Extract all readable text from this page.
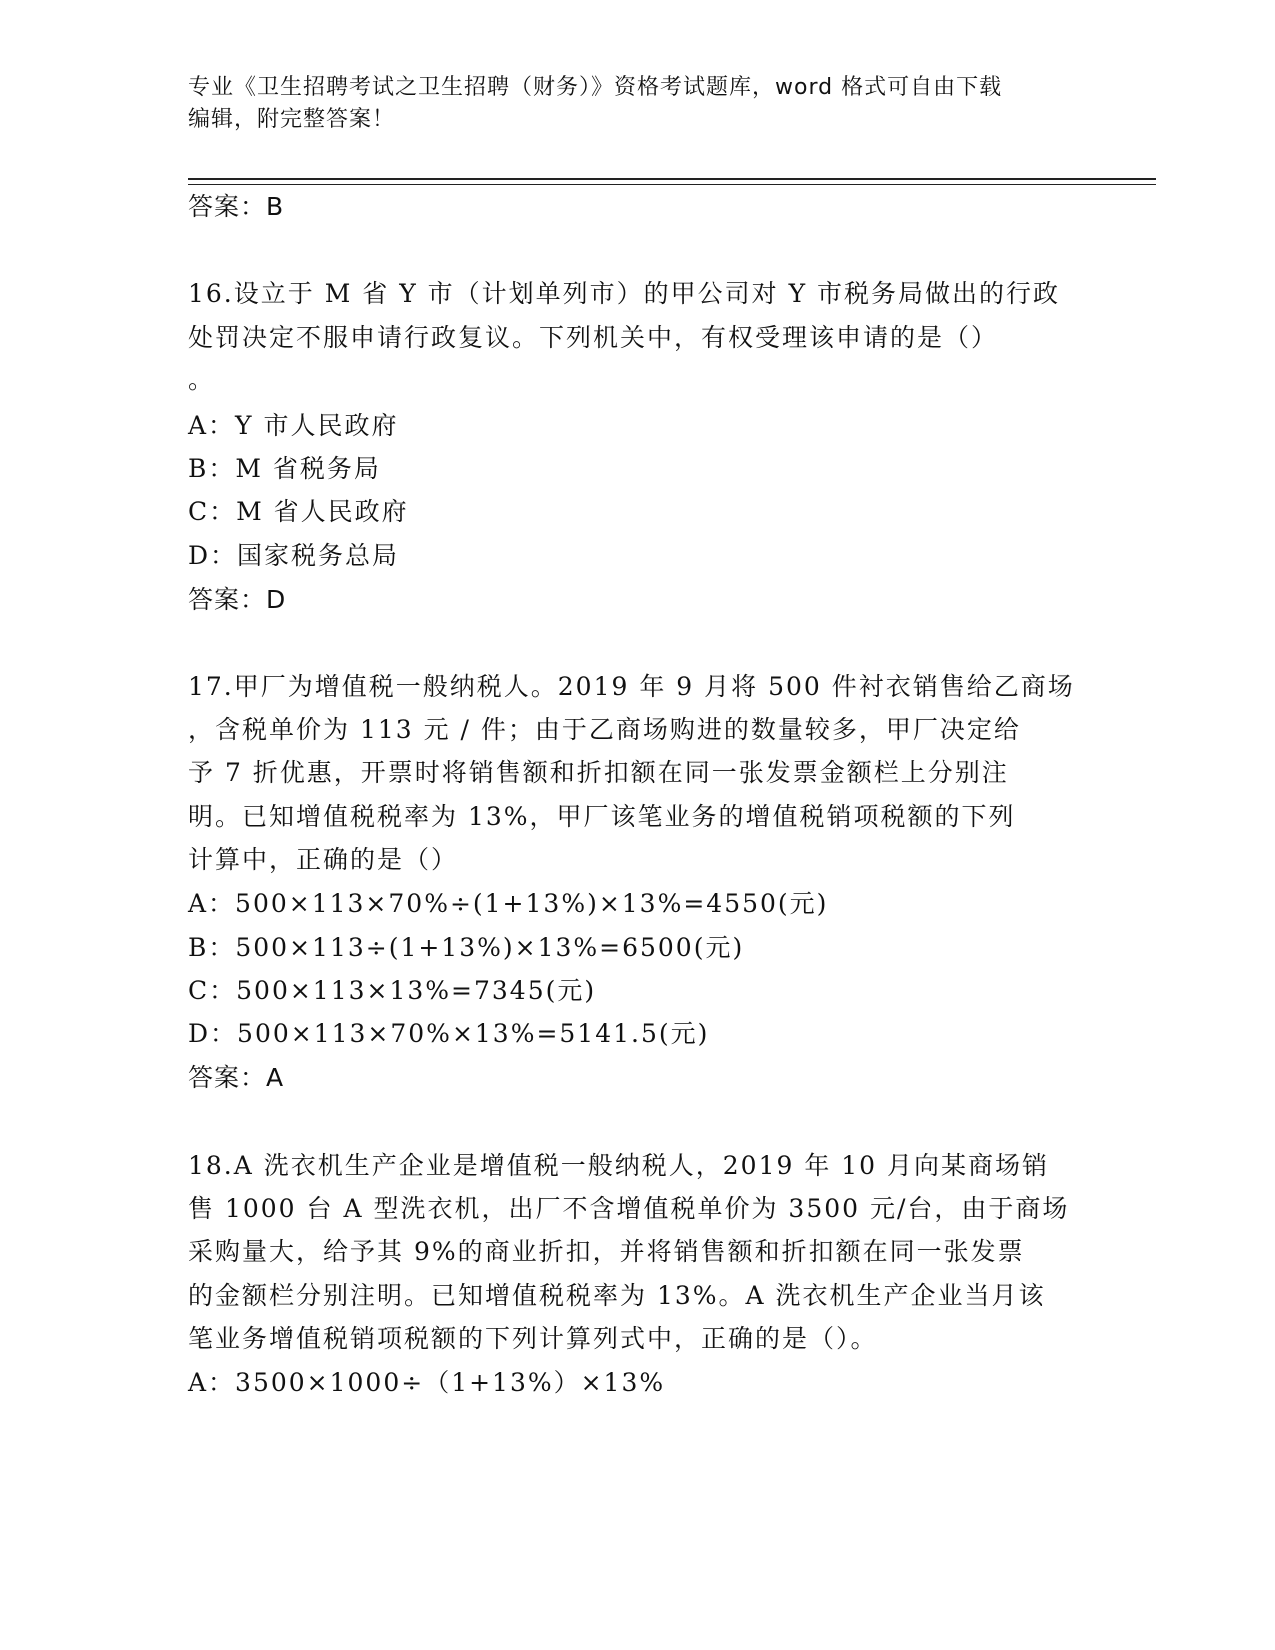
专业《卫生招聘考试之卫生招聘（财务）》资格考试题库，word 格式可自由下载
编辑，附完整答案！
答案：B
16.设立于 M 省 Y 市（计划单列市）的甲公司对 Y 市税务局做出的行政
处罚决定不服申请行政复议。下列机关中，有权受理该申请的是（）
。
A：Y 市人民政府
B：M 省税务局
C：M 省人民政府
D：国家税务总局
答案：D
17.甲厂为增值税一般纳税人。2019 年 9 月将 500 件衬衣销售给乙商场
，含税单价为 113 元 / 件；由于乙商场购进的数量较多，甲厂决定给
予 7 折优惠，开票时将销售额和折扣额在同一张发票金额栏上分别注
明。已知增值税税率为 13%，甲厂该笔业务的增值税销项税额的下列
计算中，正确的是（）
A：500×113×70%÷(1+13%)×13%=4550(元)
B：500×113÷(1+13%)×13%=6500(元)
C：500×113×13%=7345(元)
D：500×113×70%×13%=5141.5(元)
答案：A
18.A 洗衣机生产企业是增值税一般纳税人，2019 年 10 月向某商场销
售 1000 台 A 型洗衣机，出厂不含增值税单价为 3500 元/台，由于商场
采购量大，给予其 9%的商业折扣，并将销售额和折扣额在同一张发票
的金额栏分别注明。已知增值税税率为 13%。A 洗衣机生产企业当月该
笔业务增值税销项税额的下列计算列式中，正确的是（）。
A：3500×1000÷（1+13%）×13%
